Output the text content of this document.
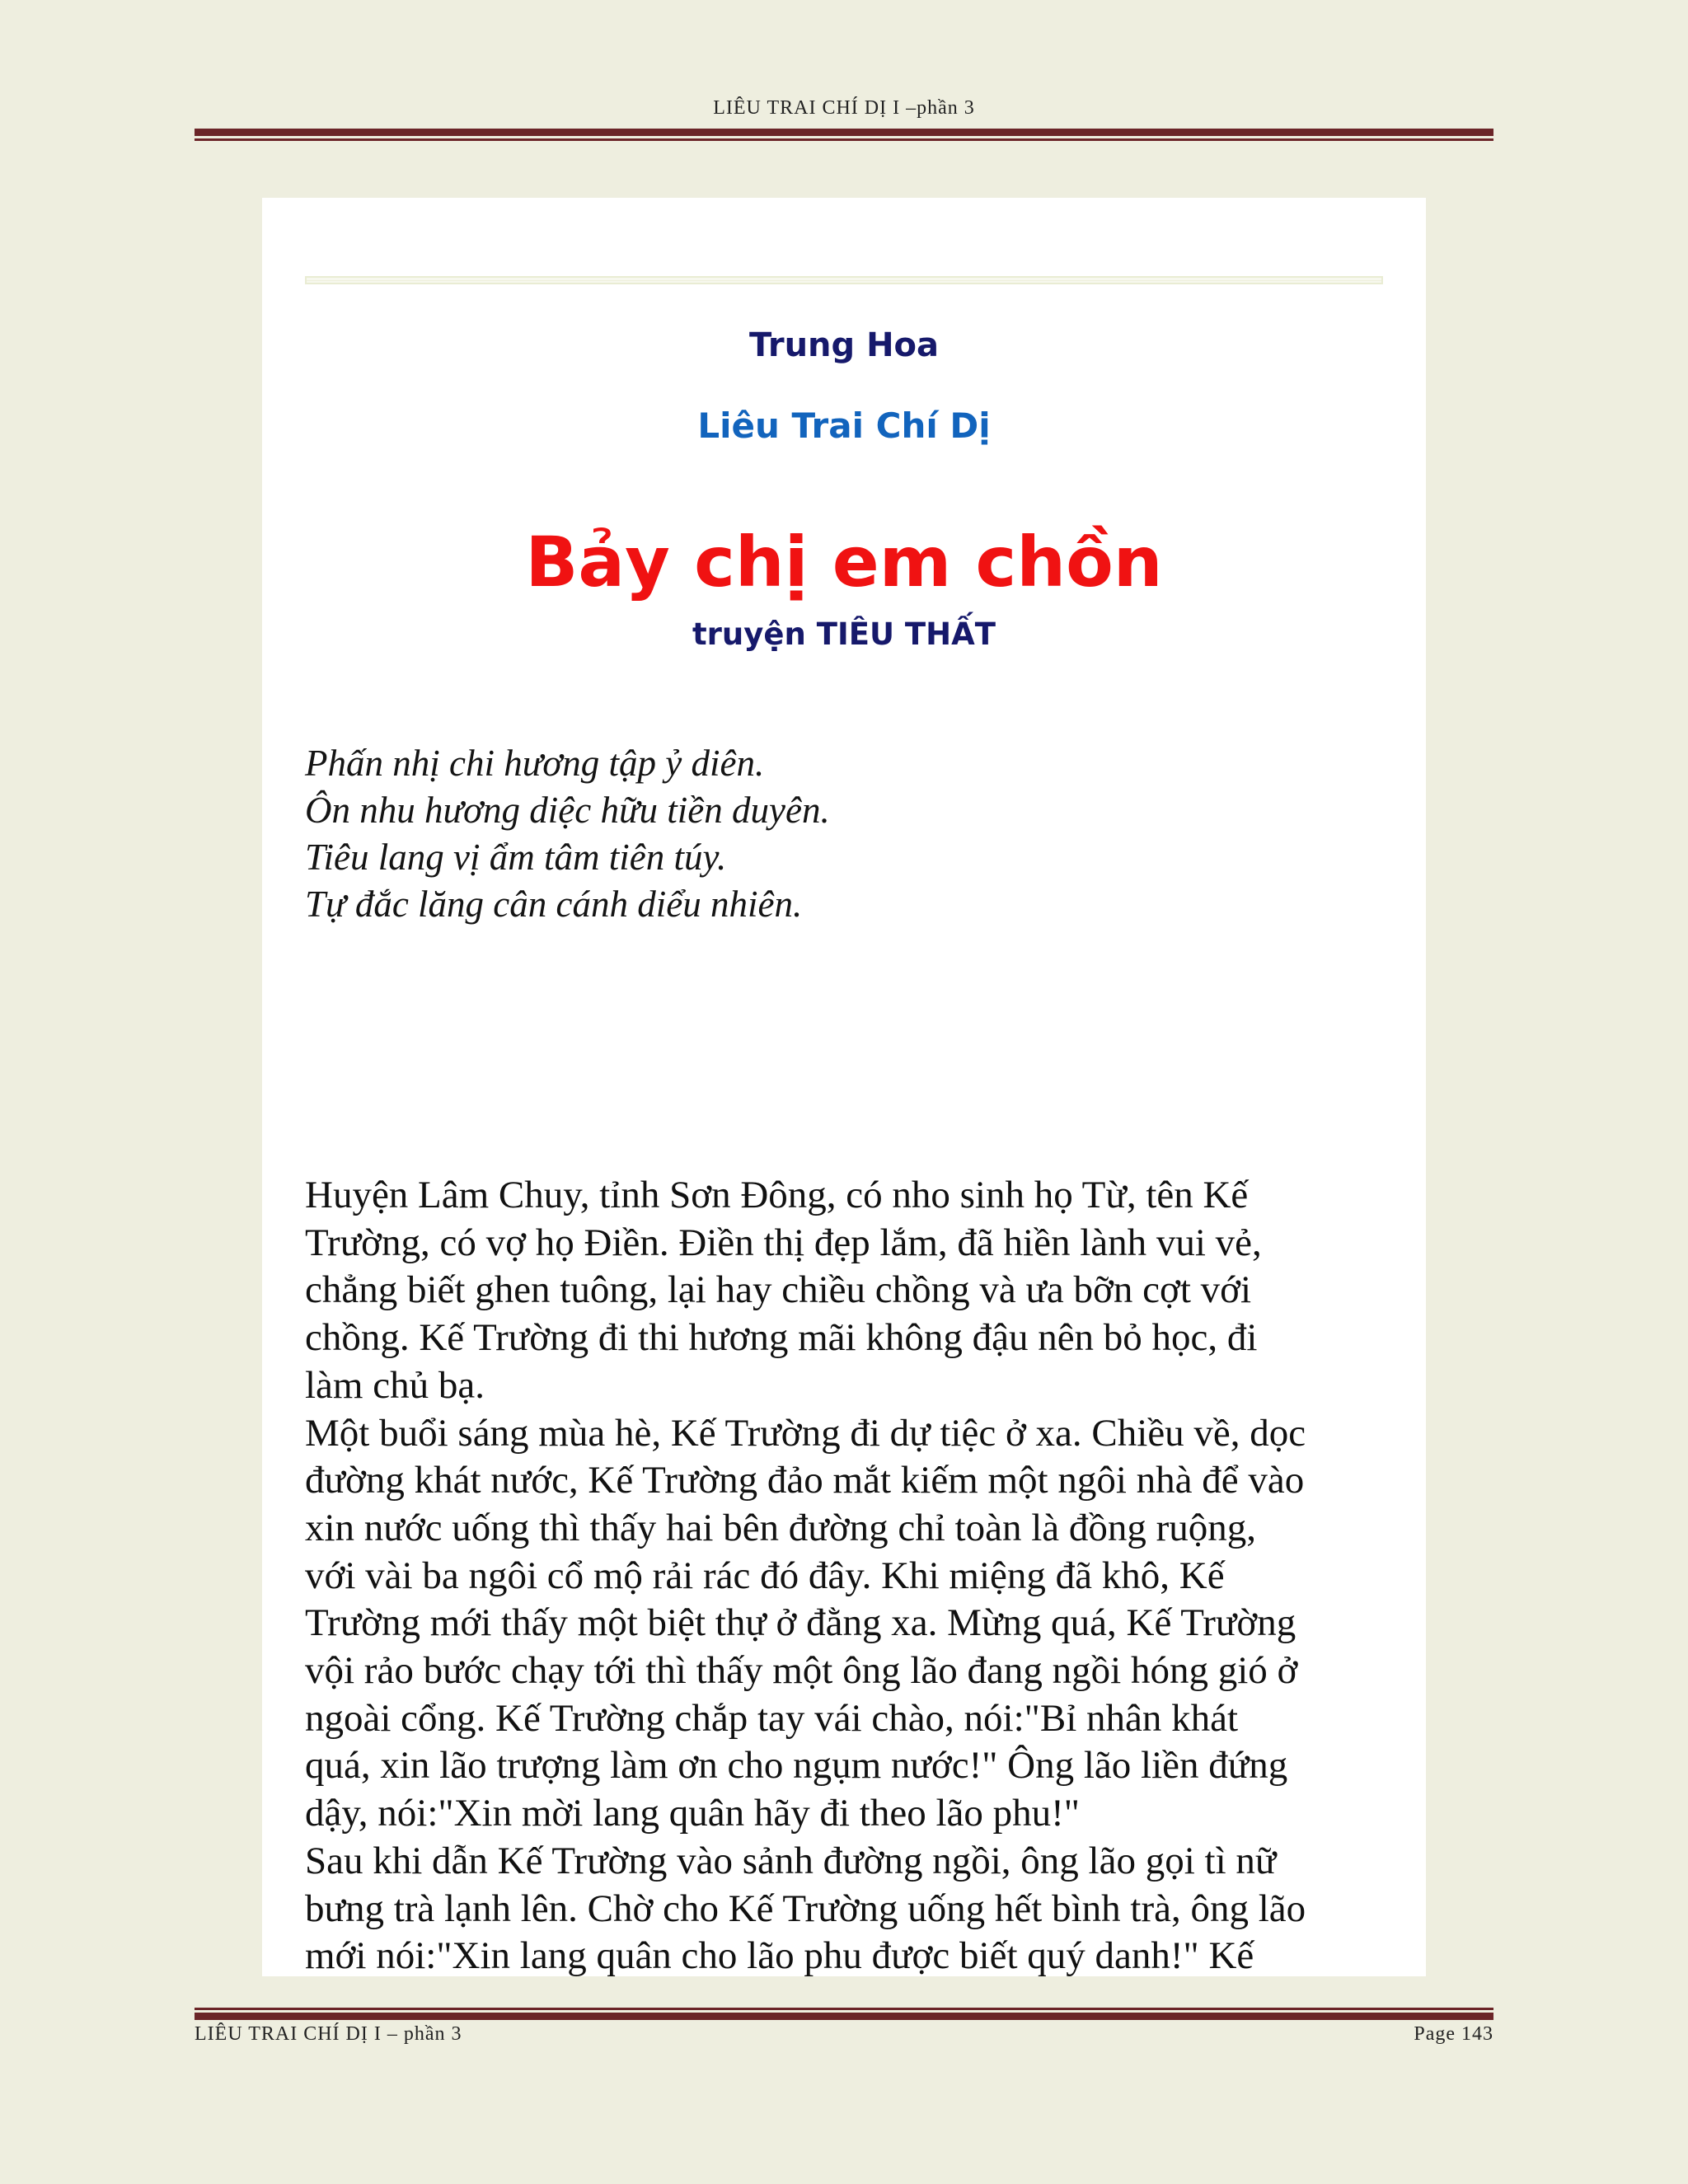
LIÊU TRAI CHÍ DỊ I –phần 3
Trung Hoa
Liêu Trai Chí Dị
Bảy chị em chồn
truyện TIÊU THẤT
Phấn nhị chi hương tập ỷ diên.
Ôn nhu hương diệc hữu tiền duyên.
Tiêu lang vị ẩm tâm tiên túy.
Tự đắc lăng cân cánh diểu nhiên.
Huyện Lâm Chuy, tỉnh Sơn Đông, có nho sinh họ Từ, tên Kế
Trường, có vợ họ Điền. Điền thị đẹp lắm, đã hiền lành vui vẻ,
chẳng biết ghen tuông, lại hay chiều chồng và ưa bỡn cợt với
chồng. Kế Trường đi thi hương mãi không đậu nên bỏ học, đi
làm chủ bạ.
Một buổi sáng mùa hè, Kế Trường đi dự tiệc ở xa. Chiều về, dọc
đường khát nước, Kế Trường đảo mắt kiếm một ngôi nhà để vào
xin nước uống thì thấy hai bên đường chỉ toàn là đồng ruộng,
với vài ba ngôi cổ mộ rải rác đó đây. Khi miệng đã khô, Kế
Trường mới thấy một biệt thự ở đằng xa. Mừng quá, Kế Trường
vội rảo bước chạy tới thì thấy một ông lão đang ngồi hóng gió ở
ngoài cổng. Kế Trường chắp tay vái chào, nói:"Bỉ nhân khát
quá, xin lão trượng làm ơn cho ngụm nước!" Ông lão liền đứng
dậy, nói:"Xin mời lang quân hãy đi theo lão phu!"
Sau khi dẫn Kế Trường vào sảnh đường ngồi, ông lão gọi tì nữ
bưng trà lạnh lên. Chờ cho Kế Trường uống hết bình trà, ông lão
mới nói:"Xin lang quân cho lão phu được biết quý danh!" Kế
LIÊU TRAI CHÍ DỊ I – phần 3	Page 143
